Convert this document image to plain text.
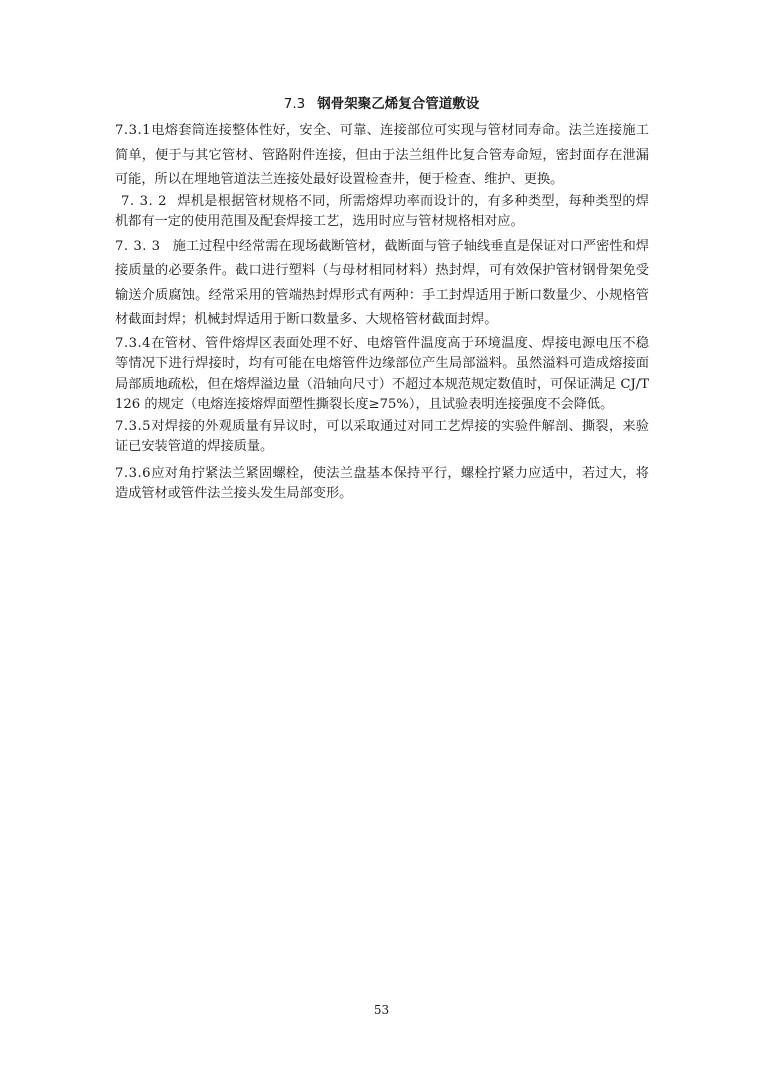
7.3 钢骨架聚乙烯复合管道敷设

7.3.1电熔套筒连接整体性好，安全、可靠、连接部位可实现与管材同寿命。法兰连接施工简单，便于与其它管材、管路附件连接，但由于法兰组件比复合管寿命短，密封面存在泄漏可能，所以在埋地管道法兰连接处最好设置检查井，便于检查、维护、更换。

7. 3. 2 焊机是根据管材规格不同，所需熔焊功率而设计的，有多种类型，每种类型的焊机都有一定的使用范围及配套焊接工艺，选用时应与管材规格相对应。

7. 3. 3 施工过程中经常需在现场截断管材，截断面与管子轴线垂直是保证对口严密性和焊接质量的必要条件。截口进行塑料（与母材相同材料）热封焊，可有效保护管材钢骨架免受输送介质腐蚀。经常采用的管端热封焊形式有两种：手工封焊适用于断口数量少、小规格管材截面封焊；机械封焊适用于断口数量多、大规格管材截面封焊。

7.3.4在管材、管件熔焊区表面处理不好、电熔管件温度高于环境温度、焊接电源电压不稳等情况下进行焊接时，均有可能在电熔管件边缘部位产生局部溢料。虽然溢料可造成熔接面局部质地疏松，但在熔焊溢边量（沿轴向尺寸）不超过本规范规定数值时，可保证满足 CJ/T 126 的规定（电熔连接熔焊面塑性撕裂长度≥75%），且试验表明连接强度不会降低。

7.3.5对焊接的外观质量有异议时，可以采取通过对同工艺焊接的实验件解剖、撕裂，来验证已安装管道的焊接质量。

7.3.6应对角拧紧法兰紧固螺栓，使法兰盘基本保持平行，螺栓拧紧力应适中，若过大，将造成管材或管件法兰接头发生局部变形。

53
